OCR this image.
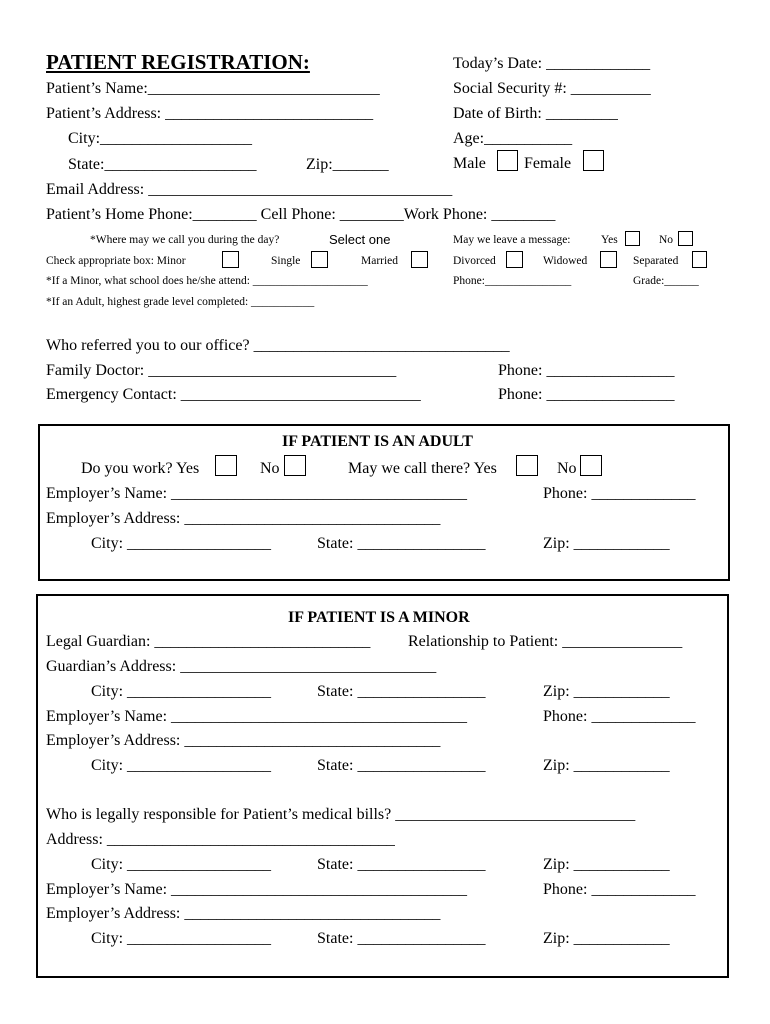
PATIENT REGISTRATION:	Today’s Date: _____________
Patient’s Name:_____________________________	Social Security #: __________
Patient’s Address: __________________________	Date of Birth: _________
City:___________________	Age:___________
State:___________________	Zip:_______	Male Female
Email Address: ______________________________________
Patient’s Home Phone:________ Cell Phone: ________Work Phone: ________
*Where may we call you during the day?	Select one	May we leave a message:	Yes	No
Check appropriate box: Minor	Single	Married	Divorced	Widowed	Separated
*If a Minor, what school does he/she attend: ____________________	Phone:_______________	Grade:______
*If an Adult, highest grade level completed: ___________
Who referred you to our office? ________________________________
Family Doctor: _______________________________	Phone: ________________
Emergency Contact: ______________________________	Phone: ________________
IF PATIENT IS AN ADULT
Do you work? Yes	No	May we call there? Yes	No
Employer’s Name: _____________________________________	Phone: _____________
Employer’s Address: ________________________________
City: __________________	State: ________________	Zip: ____________
IF PATIENT IS A MINOR
Legal Guardian: ___________________________ Relationship to Patient: _______________
Guardian’s Address: ________________________________
City: __________________	State: ________________	Zip: ____________
Employer’s Name: _____________________________________	Phone: _____________
Employer’s Address: ________________________________
City: __________________	State: ________________	Zip: ____________
Who is legally responsible for Patient’s medical bills? ______________________________
Address: ____________________________________
City: __________________	State: ________________	Zip: ____________
Employer’s Name: _____________________________________	Phone: _____________
Employer’s Address: ________________________________
City: __________________	State: ________________	Zip: ____________
